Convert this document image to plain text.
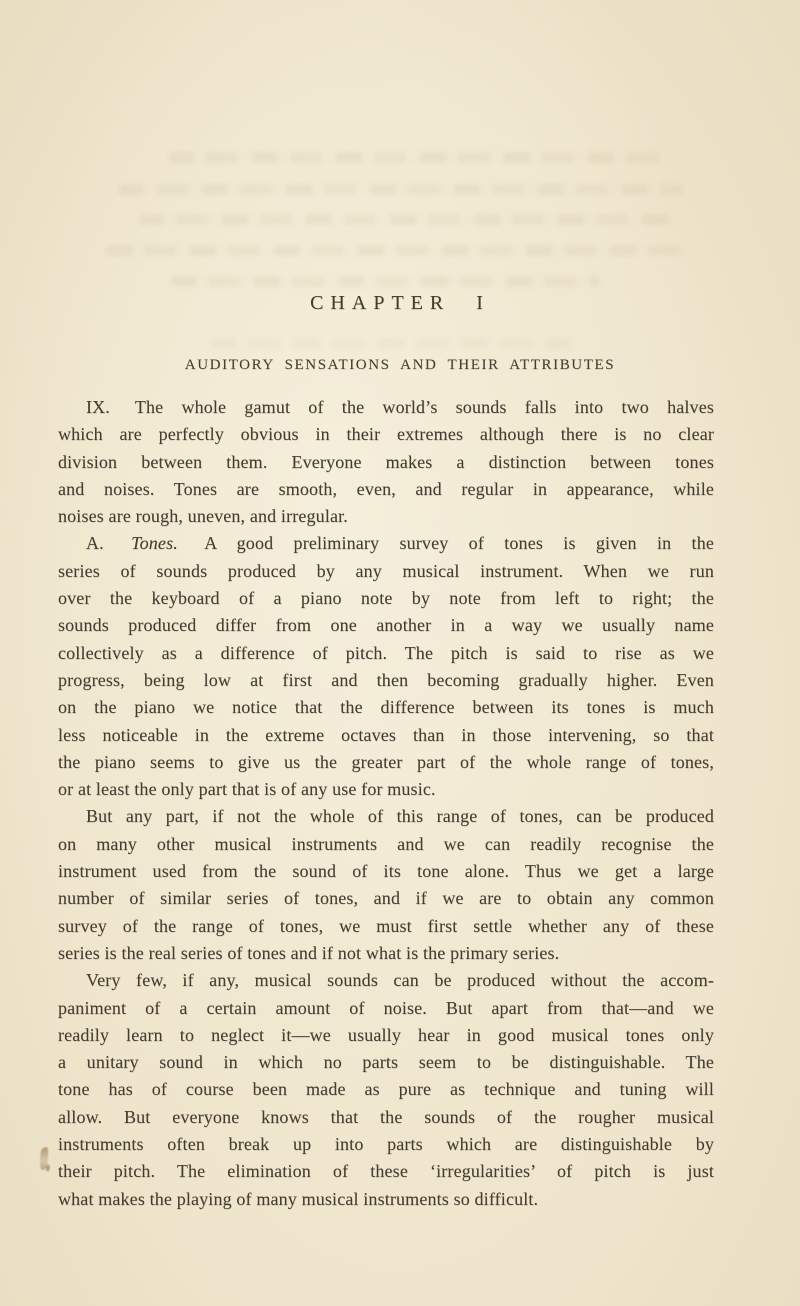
CHAPTER I
AUDITORY SENSATIONS AND THEIR ATTRIBUTES
IX. The whole gamut of the world’s sounds falls into two halves
which are perfectly obvious in their extremes although there is no clear
division between them. Everyone makes a distinction between tones
and noises. Tones are smooth, even, and regular in appearance, while
noises are rough, uneven, and irregular.
A. Tones. A good preliminary survey of tones is given in the
series of sounds produced by any musical instrument. When we run
over the keyboard of a piano note by note from left to right; the
sounds produced differ from one another in a way we usually name
collectively as a difference of pitch. The pitch is said to rise as we
progress, being low at first and then becoming gradually higher. Even
on the piano we notice that the difference between its tones is much
less noticeable in the extreme octaves than in those intervening, so that
the piano seems to give us the greater part of the whole range of tones,
or at least the only part that is of any use for music.
But any part, if not the whole of this range of tones, can be produced
on many other musical instruments and we can readily recognise the
instrument used from the sound of its tone alone. Thus we get a large
number of similar series of tones, and if we are to obtain any common
survey of the range of tones, we must first settle whether any of these
series is the real series of tones and if not what is the primary series.
Very few, if any, musical sounds can be produced without the accom-
paniment of a certain amount of noise. But apart from that—and we
readily learn to neglect it—we usually hear in good musical tones only
a unitary sound in which no parts seem to be distinguishable. The
tone has of course been made as pure as technique and tuning will
allow. But everyone knows that the sounds of the rougher musical
instruments often break up into parts which are distinguishable by
their pitch. The elimination of these ‘irregularities’ of pitch is just
what makes the playing of many musical instruments so difficult.
